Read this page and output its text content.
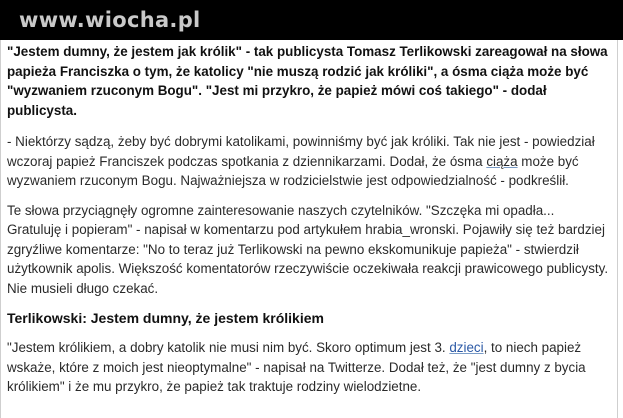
www.wiocha.pl

"Jestem dumny, że jestem jak królik" - tak publicysta Tomasz Terlikowski zareagował na słowa papieża Franciszka o tym, że katolicy "nie muszą rodzić jak króliki", a ósma ciąża może być "wyzwaniem rzuconym Bogu". "Jest mi przykro, że papież mówi coś takiego" - dodał publicysta.

- Niektórzy sądzą, żeby być dobrymi katolikami, powinniśmy być jak króliki. Tak nie jest - powiedział wczoraj papież Franciszek podczas spotkania z dziennikarzami. Dodał, że ósma ciąża może być wyzwaniem rzuconym Bogu. Najważniejsza w rodzicielstwie jest odpowiedzialność - podkreślił.

Te słowa przyciągnęły ogromne zainteresowanie naszych czytelników. "Szczęka mi opadła... Gratuluję i popieram" - napisał w komentarzu pod artykułem hrabia_wronski. Pojawiły się też bardziej zgryźliwe komentarze: "No to teraz już Terlikowski na pewno ekskomunikuje papieża" - stwierdził użytkownik apolis. Większość komentatorów rzeczywiście oczekiwała reakcji prawicowego publicysty. Nie musieli długo czekać.

Terlikowski: Jestem dumny, że jestem królikiem

"Jestem królikiem, a dobry katolik nie musi nim być. Skoro optimum jest 3. dzieci, to niech papież wskaże, które z moich jest nieoptymalne" - napisał na Twitterze. Dodał też, że "jest dumny z bycia królikiem" i że mu przykro, że papież tak traktuje rodziny wielodzietne.
